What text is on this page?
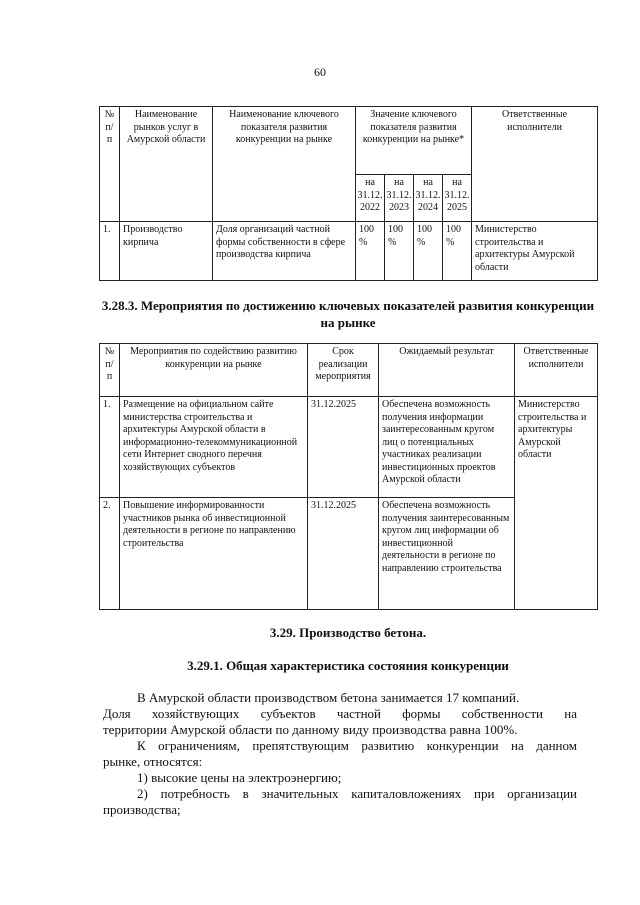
60
№ п/п	Наименование рынков услуг в Амурской области	Наименование ключевого показателя развития конкуренции на рынке	Значение ключевого показателя развития конкуренции на рынке*				Ответственные исполнители
			на 31.12. 2022	на 31.12. 2023	на 31.12. 2024	на 31.12. 2025	
1.	Производство кирпича	Доля организаций частной формы собственности в сфере производства кирпича	100 %	100 %	100 %	100 %	Министерство строительства и архитектуры Амурской области
3.28.3. Мероприятия по достижению ключевых показателей развития конкуренции на рынке
№ п/п	Мероприятия по содействию развитию конкуренции на рынке	Срок реализации мероприятия	Ожидаемый результат	Ответственные исполнители
1.	Размещение на официальном сайте министерства строительства и архитектуры Амурской области в информационно-телекоммуникационной сети Интернет сводного перечня хозяйствующих субъектов	31.12.2025	Обеспечена возможность получения информации заинтересованным кругом лиц о потенциальных участниках реализации инвестиционных проектов Амурской области	Министерство строительства и архитектуры Амурской области
2.	Повышение информированности участников рынка об инвестиционной деятельности в регионе по направлению строительства	31.12.2025	Обеспечена возможность получения заинтересованным кругом лиц информации об инвестиционной деятельности в регионе по направлению строительства	
3.29. Производство бетона.
3.29.1. Общая характеристика состояния конкуренции
В Амурской области производством бетона занимается 17 компаний.
Доля хозяйствующих субъектов частной формы собственности на
территории Амурской области по данному виду производства равна 100%.
К ограничениям, препятствующим развитию конкуренции на данном
рынке, относятся:
1) высокие цены на электроэнергию;
2) потребность в значительных капиталовложениях при организации
производства;
